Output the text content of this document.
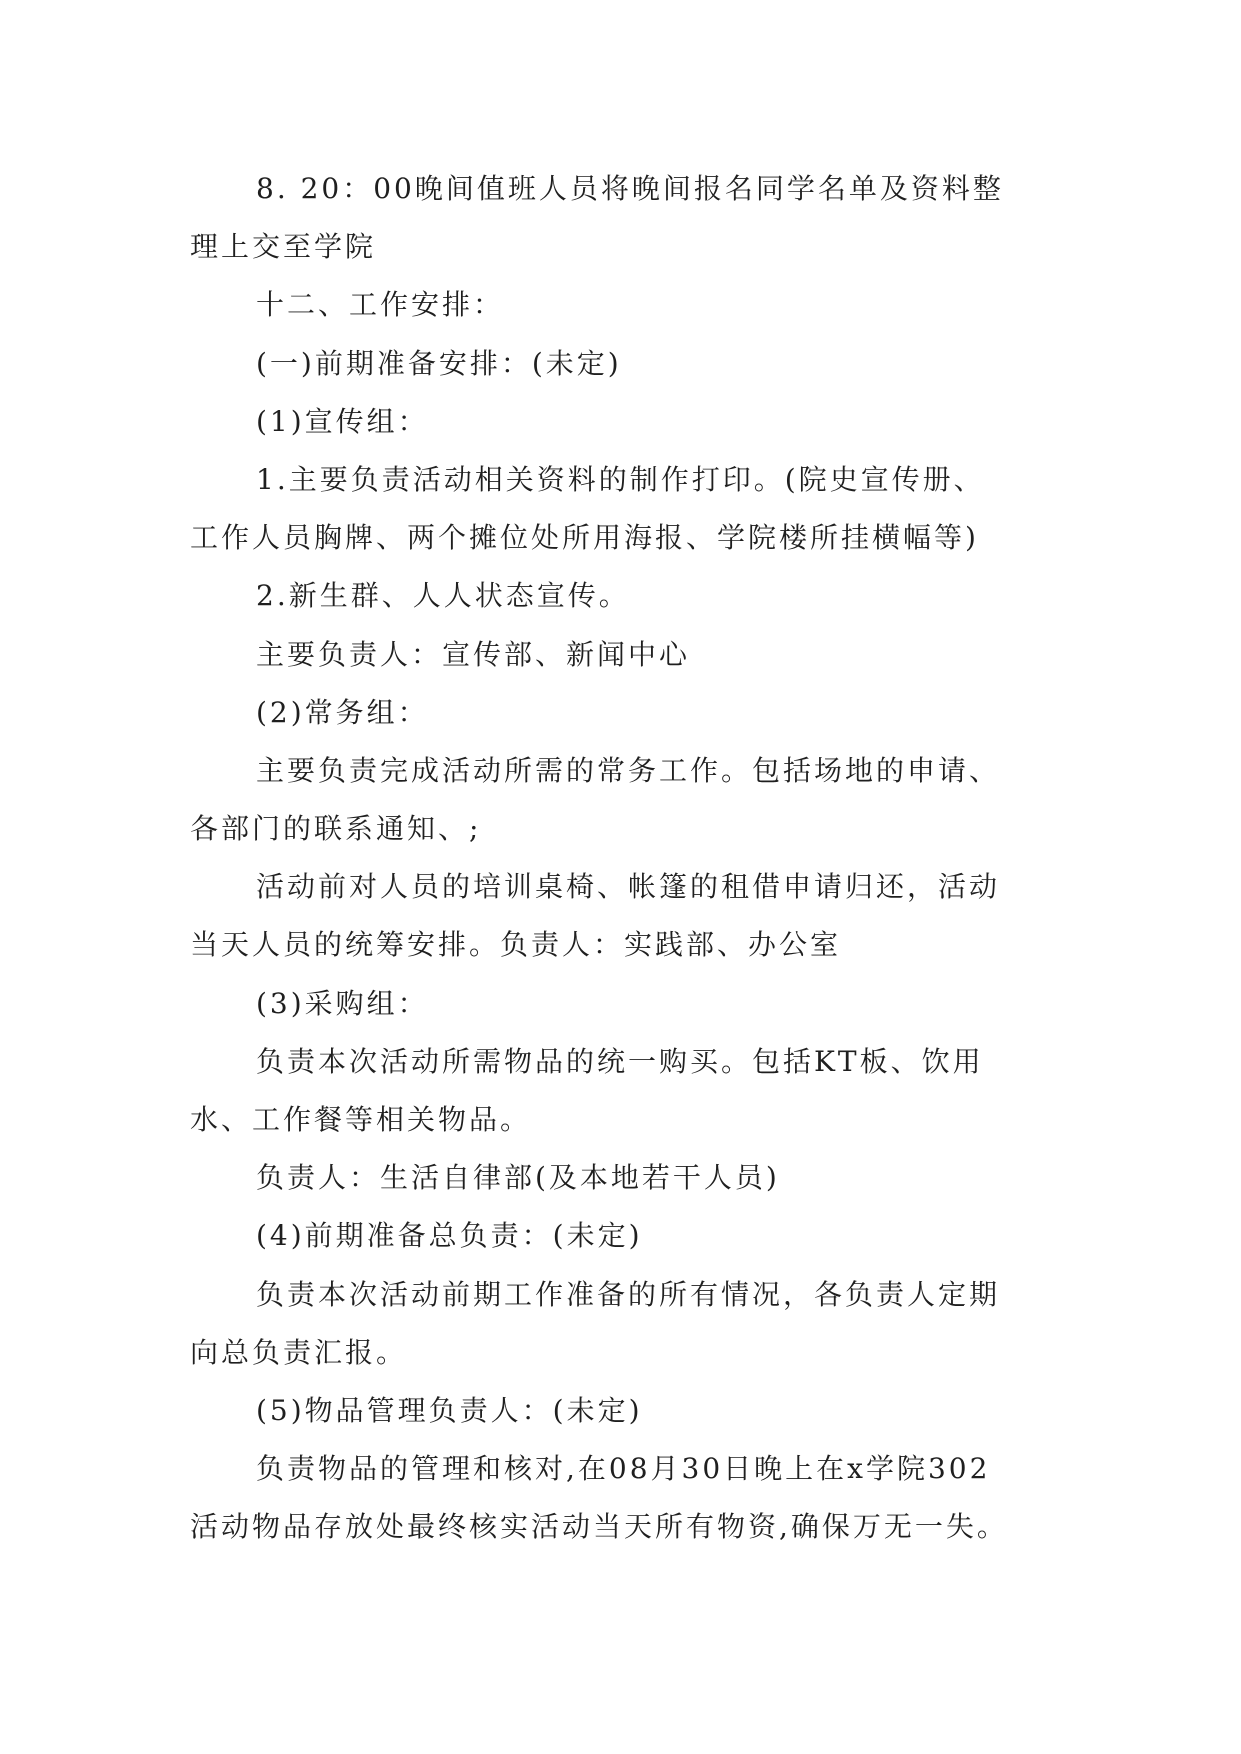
8. 20：00晚间值班人员将晚间报名同学名单及资料整
理上交至学院
十二、工作安排：
(一)前期准备安排：(未定)
(1)宣传组：
1.主要负责活动相关资料的制作打印。(院史宣传册、
工作人员胸牌、两个摊位处所用海报、学院楼所挂横幅等)
2.新生群、人人状态宣传。
主要负责人：宣传部、新闻中心
(2)常务组：
主要负责完成活动所需的常务工作。包括场地的申请、
各部门的联系通知、;
活动前对人员的培训桌椅、帐篷的租借申请归还，活动
当天人员的统筹安排。负责人：实践部、办公室
(3)采购组：
负责本次活动所需物品的统一购买。包括KT板、饮用
水、工作餐等相关物品。
负责人：生活自律部(及本地若干人员)
(4)前期准备总负责：(未定)
负责本次活动前期工作准备的所有情况，各负责人定期
向总负责汇报。
(5)物品管理负责人：(未定)
负责物品的管理和核对,在08月30日晚上在x学院302
活动物品存放处最终核实活动当天所有物资,确保万无一失。
